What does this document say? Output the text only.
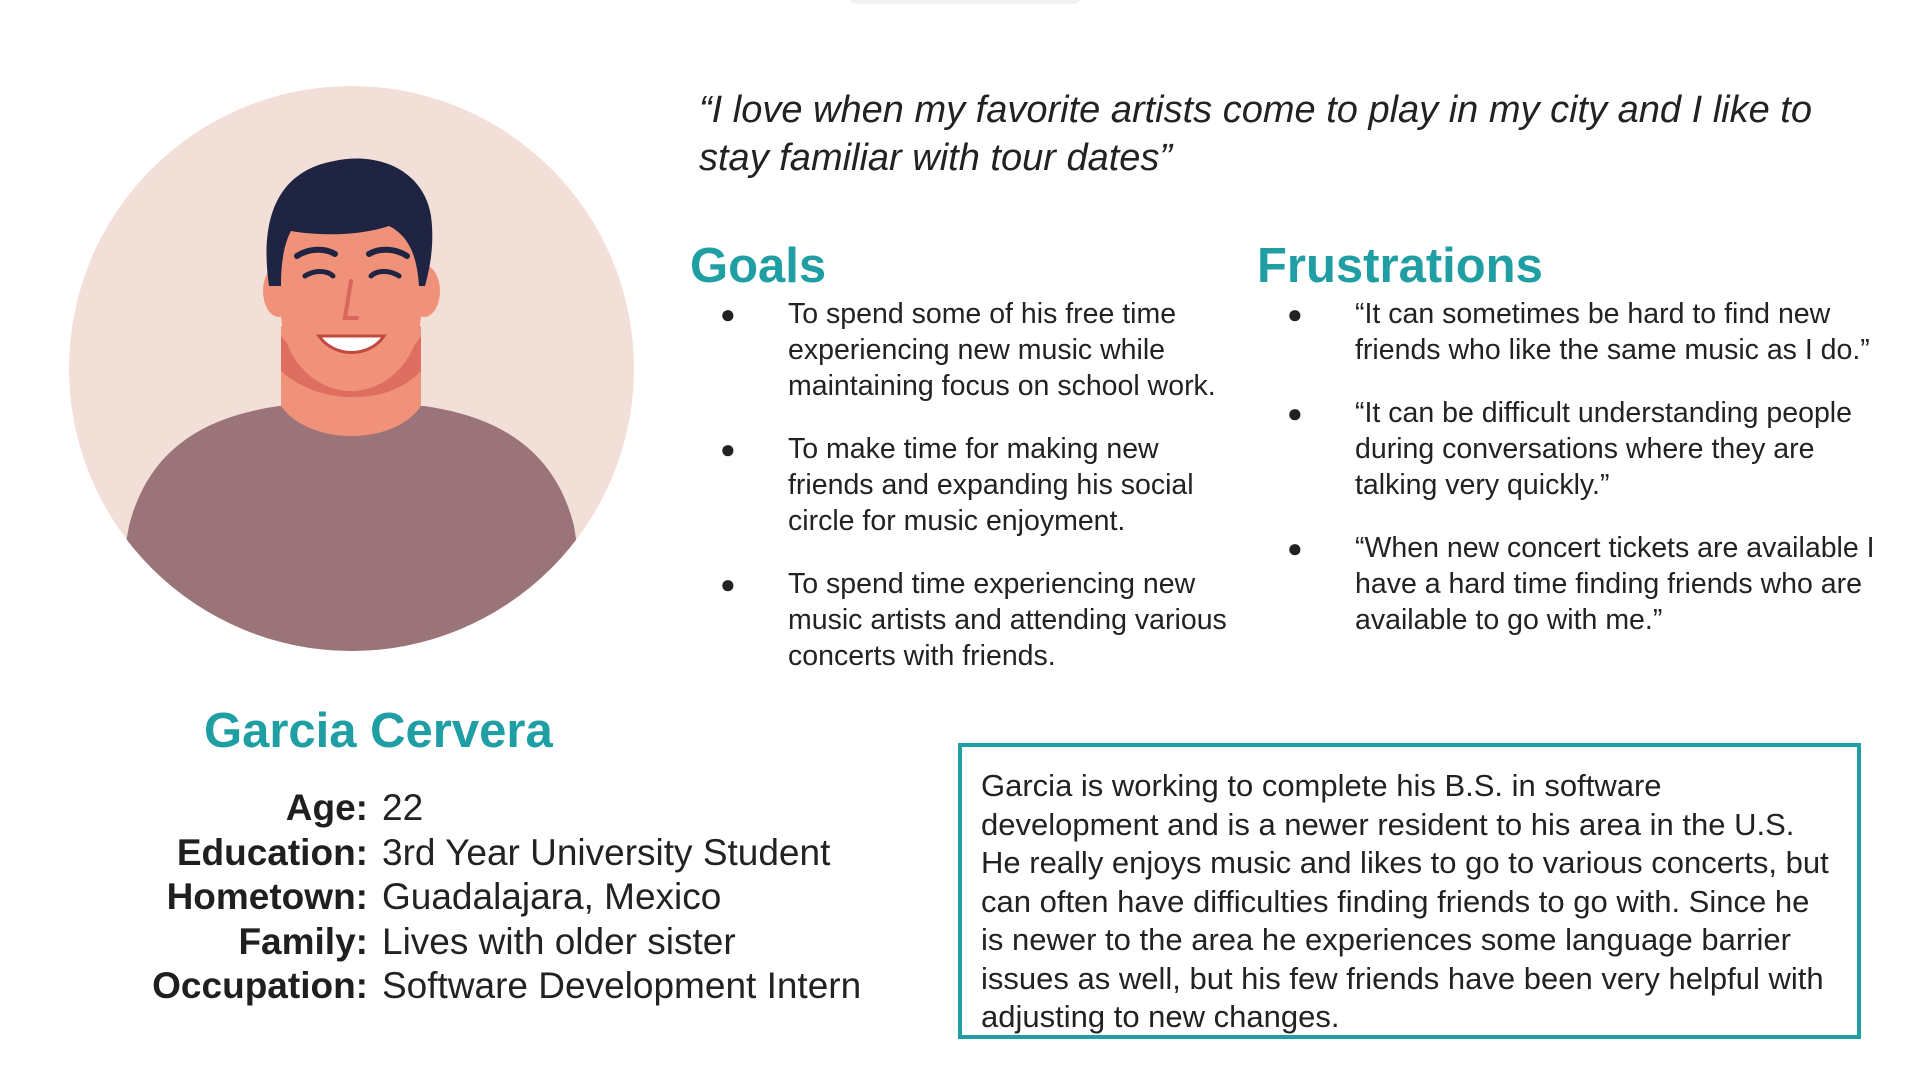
“I love when my favorite artists come to play in my city and I like to stay familiar with tour dates”
Goals
● To spend some of his free time experiencing new music while maintaining focus on school work.
● To make time for making new friends and expanding his social circle for music enjoyment.
● To spend time experiencing new music artists and attending various concerts with friends.
Frustrations
● “It can sometimes be hard to find new friends who like the same music as I do.”
● “It can be difficult understanding people during conversations where they are talking very quickly.”
● “When new concert tickets are available I have a hard time finding friends who are available to go with me.”
Garcia Cervera
Age: 22
Education: 3rd Year University Student
Hometown: Guadalajara, Mexico
Family: Lives with older sister
Occupation: Software Development Intern
Garcia is working to complete his B.S. in software development and is a newer resident to his area in the U.S. He really enjoys music and likes to go to various concerts, but can often have difficulties finding friends to go with. Since he is newer to the area he experiences some language barrier issues as well, but his few friends have been very helpful with adjusting to new changes.
